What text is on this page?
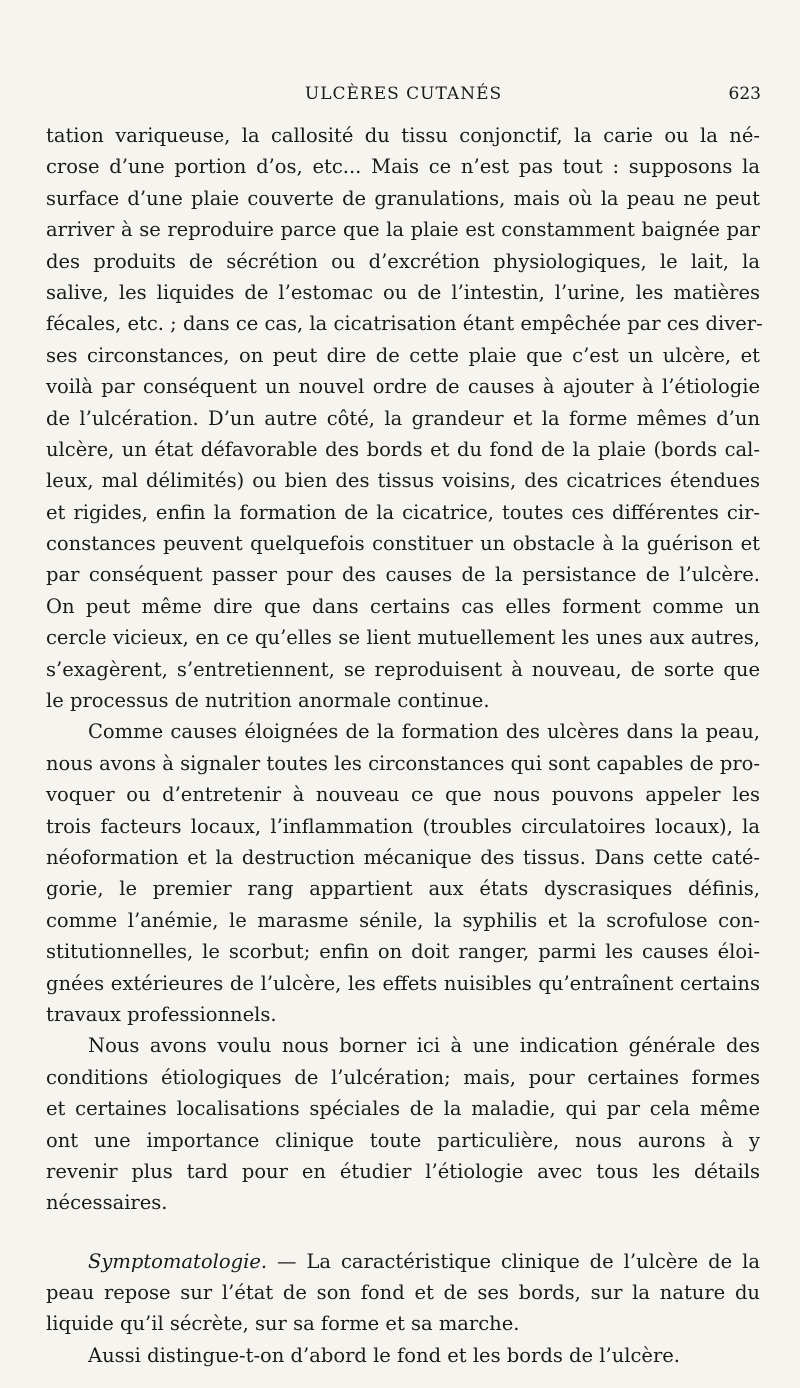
ULCÈRES CUTANÉS	623
tation variqueuse, la callosité du tissu conjonctif, la carie ou la né-
crose d’une portion d’os, etc... Mais ce n’est pas tout : supposons la
surface d’une plaie couverte de granulations, mais où la peau ne peut
arriver à se reproduire parce que la plaie est constamment baignée par
des produits de sécrétion ou d’excrétion physiologiques, le lait, la
salive, les liquides de l’estomac ou de l’intestin, l’urine, les matières
fécales, etc. ; dans ce cas, la cicatrisation étant empêchée par ces diver-
ses circonstances, on peut dire de cette plaie que c’est un ulcère, et
voilà par conséquent un nouvel ordre de causes à ajouter à l’étiologie
de l’ulcération. D’un autre côté, la grandeur et la forme mêmes d’un
ulcère, un état défavorable des bords et du fond de la plaie (bords cal-
leux, mal délimités) ou bien des tissus voisins, des cicatrices étendues
et rigides, enfin la formation de la cicatrice, toutes ces différentes cir-
constances peuvent quelquefois constituer un obstacle à la guérison et
par conséquent passer pour des causes de la persistance de l’ulcère.
On peut même dire que dans certains cas elles forment comme un
cercle vicieux, en ce qu’elles se lient mutuellement les unes aux autres,
s’exagèrent, s’entretiennent, se reproduisent à nouveau, de sorte que
le processus de nutrition anormale continue.
Comme causes éloignées de la formation des ulcères dans la peau,
nous avons à signaler toutes les circonstances qui sont capables de pro-
voquer ou d’entretenir à nouveau ce que nous pouvons appeler les
trois facteurs locaux, l’inflammation (troubles circulatoires locaux), la
néoformation et la destruction mécanique des tissus. Dans cette caté-
gorie, le premier rang appartient aux états dyscrasiques définis,
comme l’anémie, le marasme sénile, la syphilis et la scrofulose con-
stitutionnelles, le scorbut; enfin on doit ranger, parmi les causes éloi-
gnées extérieures de l’ulcère, les effets nuisibles qu’entraînent certains
travaux professionnels.
Nous avons voulu nous borner ici à une indication générale des
conditions étiologiques de l’ulcération; mais, pour certaines formes
et certaines localisations spéciales de la maladie, qui par cela même
ont une importance clinique toute particulière, nous aurons à y
revenir plus tard pour en étudier l’étiologie avec tous les détails
nécessaires.
Symptomatologie. — La caractéristique clinique de l’ulcère de la
peau repose sur l’état de son fond et de ses bords, sur la nature du
liquide qu’il sécrète, sur sa forme et sa marche.
Aussi distingue-t-on d’abord le fond et les bords de l’ulcère.
